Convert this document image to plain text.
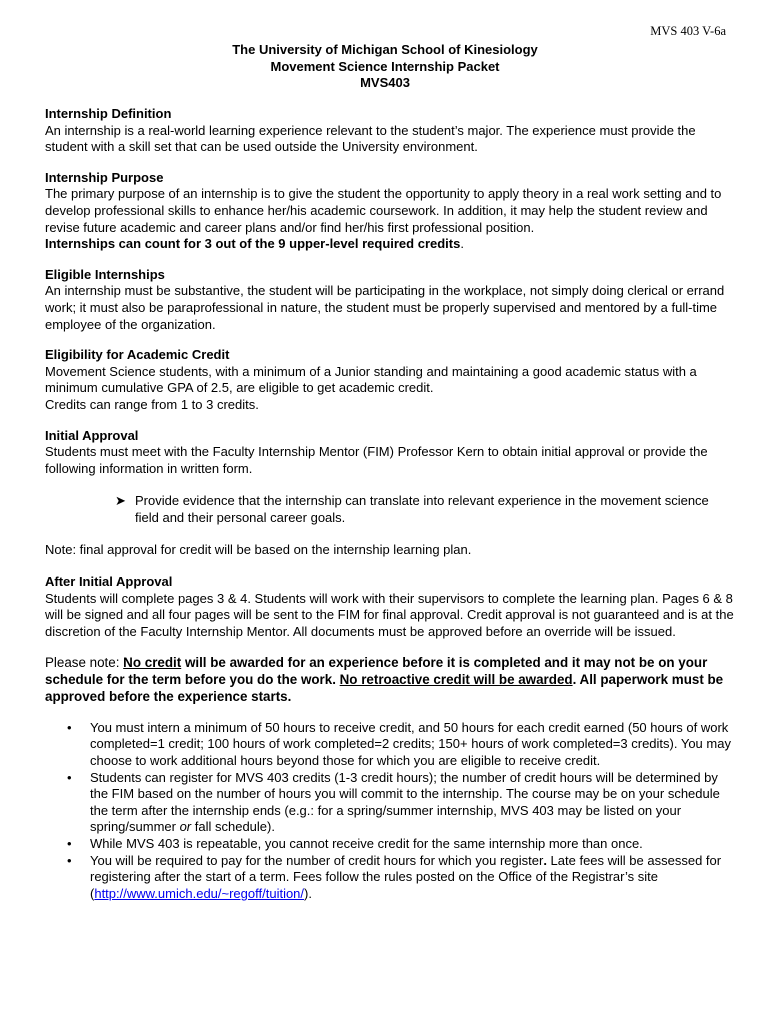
MVS 403 V-6a
The University of Michigan School of Kinesiology
Movement Science Internship Packet
MVS403
Internship Definition
An internship is a real-world learning experience relevant to the student’s major. The experience must provide the student with a skill set that can be used outside the University environment.
Internship Purpose
The primary purpose of an internship is to give the student the opportunity to apply theory in a real work setting and to develop professional skills to enhance her/his academic coursework. In addition, it may help the student review and revise future academic and career plans and/or find her/his first professional position.
Internships can count for 3 out of the 9 upper-level required credits.
Eligible Internships
An internship must be substantive, the student will be participating in the workplace, not simply doing clerical or errand work; it must also be paraprofessional in nature, the student must be properly supervised and mentored by a full-time employee of the organization.
Eligibility for Academic Credit
Movement Science students, with a minimum of a Junior standing and maintaining a good academic status with a minimum cumulative GPA of 2.5, are eligible to get academic credit.
Credits can range from 1 to 3 credits.
Initial Approval
Students must meet with the Faculty Internship Mentor (FIM) Professor Kern to obtain initial approval or provide the following information in written form.
➤ Provide evidence that the internship can translate into relevant experience in the movement science field and their personal career goals.
Note: final approval for credit will be based on the internship learning plan.
After Initial Approval
Students will complete pages 3 & 4. Students will work with their supervisors to complete the learning plan. Pages 6 & 8 will be signed and all four pages will be sent to the FIM for final approval. Credit approval is not guaranteed and is at the discretion of the Faculty Internship Mentor. All documents must be approved before an override will be issued.
Please note: No credit will be awarded for an experience before it is completed and it may not be on your schedule for the term before you do the work. No retroactive credit will be awarded. All paperwork must be approved before the experience starts.
• You must intern a minimum of 50 hours to receive credit, and 50 hours for each credit earned (50 hours of work completed=1 credit; 100 hours of work completed=2 credits; 150+ hours of work completed=3 credits). You may choose to work additional hours beyond those for which you are eligible to receive credit.
• Students can register for MVS 403 credits (1-3 credit hours); the number of credit hours will be determined by the FIM based on the number of hours you will commit to the internship. The course may be on your schedule the term after the internship ends (e.g.: for a spring/summer internship, MVS 403 may be listed on your spring/summer or fall schedule).
• While MVS 403 is repeatable, you cannot receive credit for the same internship more than once.
• You will be required to pay for the number of credit hours for which you register. Late fees will be assessed for registering after the start of a term. Fees follow the rules posted on the Office of the Registrar’s site (http://www.umich.edu/~regoff/tuition/).
